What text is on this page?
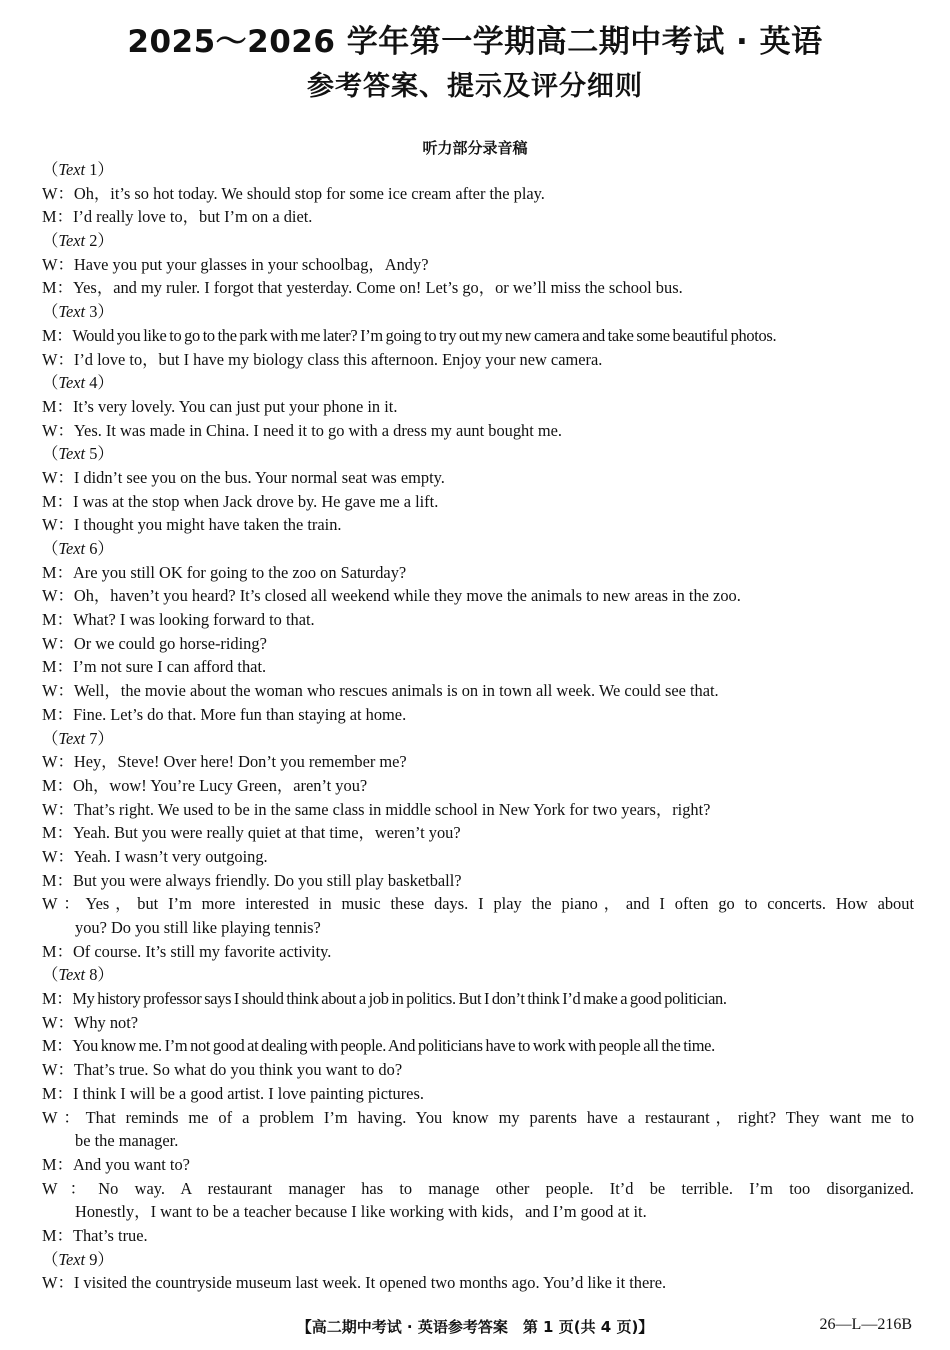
2025～2026 学年第一学期高二期中考试 · 英语
参考答案、提示及评分细则
听力部分录音稿
（Text 1）
W：Oh，it’s so hot today. We should stop for some ice cream after the play.
M：I’d really love to，but I’m on a diet.
（Text 2）
W：Have you put your glasses in your schoolbag，Andy?
M：Yes，and my ruler. I forgot that yesterday. Come on! Let’s go，or we’ll miss the school bus.
（Text 3）
M：Would you like to go to the park with me later? I’m going to try out my new camera and take some beautiful photos.
W：I’d love to，but I have my biology class this afternoon. Enjoy your new camera.
（Text 4）
M：It’s very lovely. You can just put your phone in it.
W：Yes. It was made in China. I need it to go with a dress my aunt bought me.
（Text 5）
W：I didn’t see you on the bus. Your normal seat was empty.
M：I was at the stop when Jack drove by. He gave me a lift.
W：I thought you might have taken the train.
（Text 6）
M：Are you still OK for going to the zoo on Saturday?
W：Oh，haven’t you heard? It’s closed all weekend while they move the animals to new areas in the zoo.
M：What? I was looking forward to that.
W：Or we could go horse-riding?
M：I’m not sure I can afford that.
W：Well，the movie about the woman who rescues animals is on in town all week. We could see that.
M：Fine. Let’s do that. More fun than staying at home.
（Text 7）
W：Hey，Steve! Over here! Don’t you remember me?
M：Oh，wow! You’re Lucy Green，aren’t you?
W：That’s right. We used to be in the same class in middle school in New York for two years，right?
M：Yeah. But you were really quiet at that time，weren’t you?
W：Yeah. I wasn’t very outgoing.
M：But you were always friendly. Do you still play basketball?
W：Yes，but I’m more interested in music these days. I play the piano，and I often go to concerts. How about
you? Do you still like playing tennis?
M：Of course. It’s still my favorite activity.
（Text 8）
M：My history professor says I should think about a job in politics. But I don’t think I’d make a good politician.
W：Why not?
M：You know me. I’m not good at dealing with people. And politicians have to work with people all the time.
W：That’s true. So what do you think you want to do?
M：I think I will be a good artist. I love painting pictures.
W：That reminds me of a problem I’m having. You know my parents have a restaurant，right? They want me to
be the manager.
M：And you want to?
W：No way. A restaurant manager has to manage other people. It’d be terrible. I’m too disorganized.
Honestly，I want to be a teacher because I like working with kids，and I’m good at it.
M：That’s true.
（Text 9）
W：I visited the countryside museum last week. It opened two months ago. You’d like it there.
【高二期中考试 · 英语参考答案　第 1 页(共 4 页)】	26—L—216B
